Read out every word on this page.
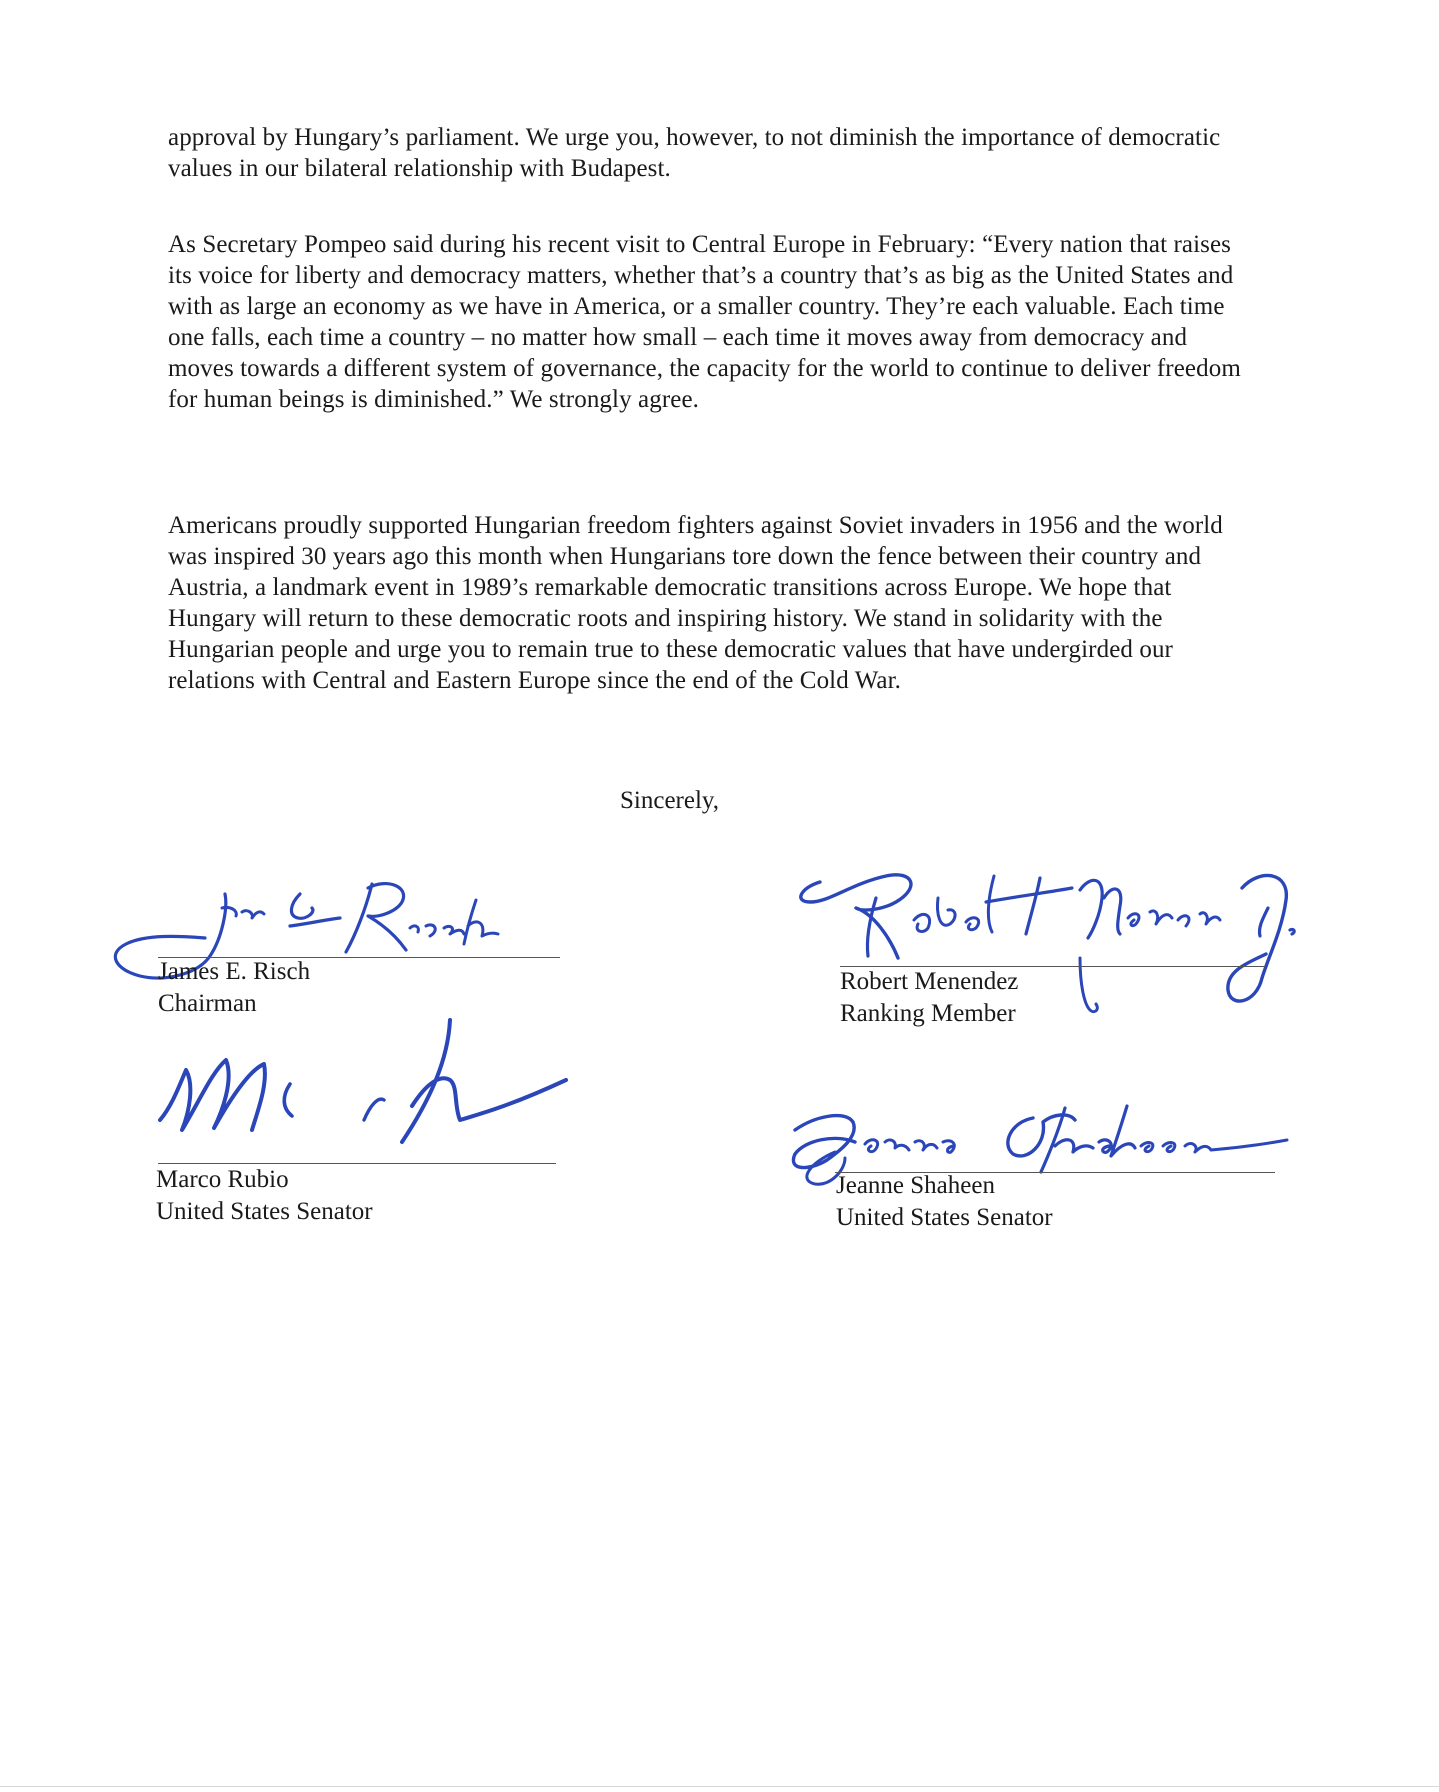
approval by Hungary’s parliament. We urge you, however, to not diminish the importance of democratic values in our bilateral relationship with Budapest.

As Secretary Pompeo said during his recent visit to Central Europe in February: “Every nation that raises its voice for liberty and democracy matters, whether that’s a country that’s as big as the United States and with as large an economy as we have in America, or a smaller country. They’re each valuable. Each time one falls, each time a country – no matter how small – each time it moves away from democracy and moves towards a different system of governance, the capacity for the world to continue to deliver freedom for human beings is diminished.” We strongly agree.

Americans proudly supported Hungarian freedom fighters against Soviet invaders in 1956 and the world was inspired 30 years ago this month when Hungarians tore down the fence between their country and Austria, a landmark event in 1989’s remarkable democratic transitions across Europe. We hope that Hungary will return to these democratic roots and inspiring history. We stand in solidarity with the Hungarian people and urge you to remain true to these democratic values that have undergirded our relations with Central and Eastern Europe since the end of the Cold War.

Sincerely,
James E. Risch
Chairman
Robert Menendez
Ranking Member
Marco Rubio
United States Senator
Jeanne Shaheen
United States Senator
